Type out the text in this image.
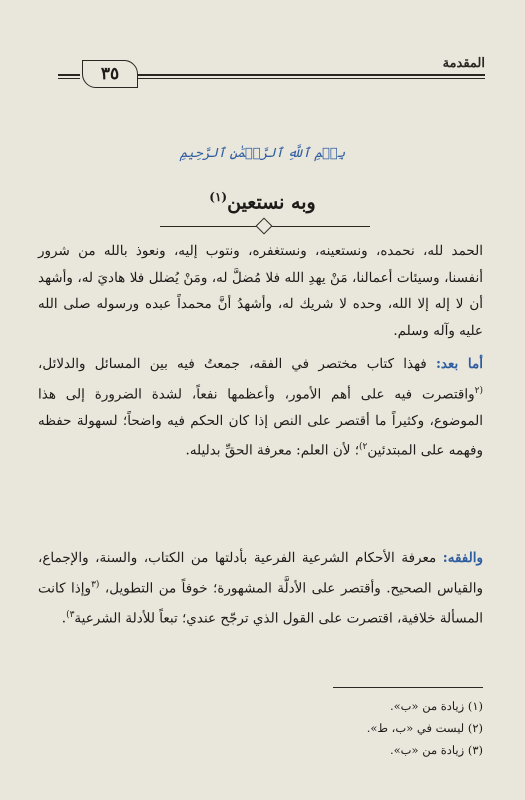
المقدمة
٣٥
بِسۡمِ ٱللَّهِ ٱلرَّحۡمَٰنِ ٱلرَّحِيمِ
وبه نستعين$^{(١)}$

الحمد لله، نحمده، ونستعينه، ونستغفره، ونتوب إليه، ونعوذ بالله من شرور أنفسنا، وسيئات أعمالنا، مَنْ يهدِ الله فلا مُضلَّ له، ومَنْ يُضلل فلا هاديَ له، وأشهد أن لا إله إلا الله، وحده لا شريك له، وأشهدُ أنَّ محمداً عبده ورسوله صلى الله عليه وآله وسلم.

أما بعد: فهذا كتاب مختصر في الفقه، جمعتُ فيه بين المسائل والدلائل، $^{(٢}$واقتصرت فيه على أهم الأمور، وأعظمها نفعاً، لشدة الضرورة إلى هذا الموضوع، وكثيراً ما أقتصر على النص إذا كان الحكم فيه واضحاً؛ لسهولة حفظه وفهمه على المبتدئين$^{٢)}$؛ لأن العلم: معرفة الحقِّ بدليله.

والفقه: معرفة الأحكام الشرعية الفرعية بأدلتها من الكتاب، والسنة، والإجماع، والقياس الصحيح. وأقتصر على الأدلَّة المشهورة؛ خوفاً من التطويل، $^{(٣}$وإذا كانت المسألة خلافية، اقتصرت على القول الذي ترجّح عندي؛ تبعاً للأدلة الشرعية$^{٣)}$.

(١) زيادة من «ب».
(٢) ليست في «ب، ط».
(٣) زيادة من «ب».
